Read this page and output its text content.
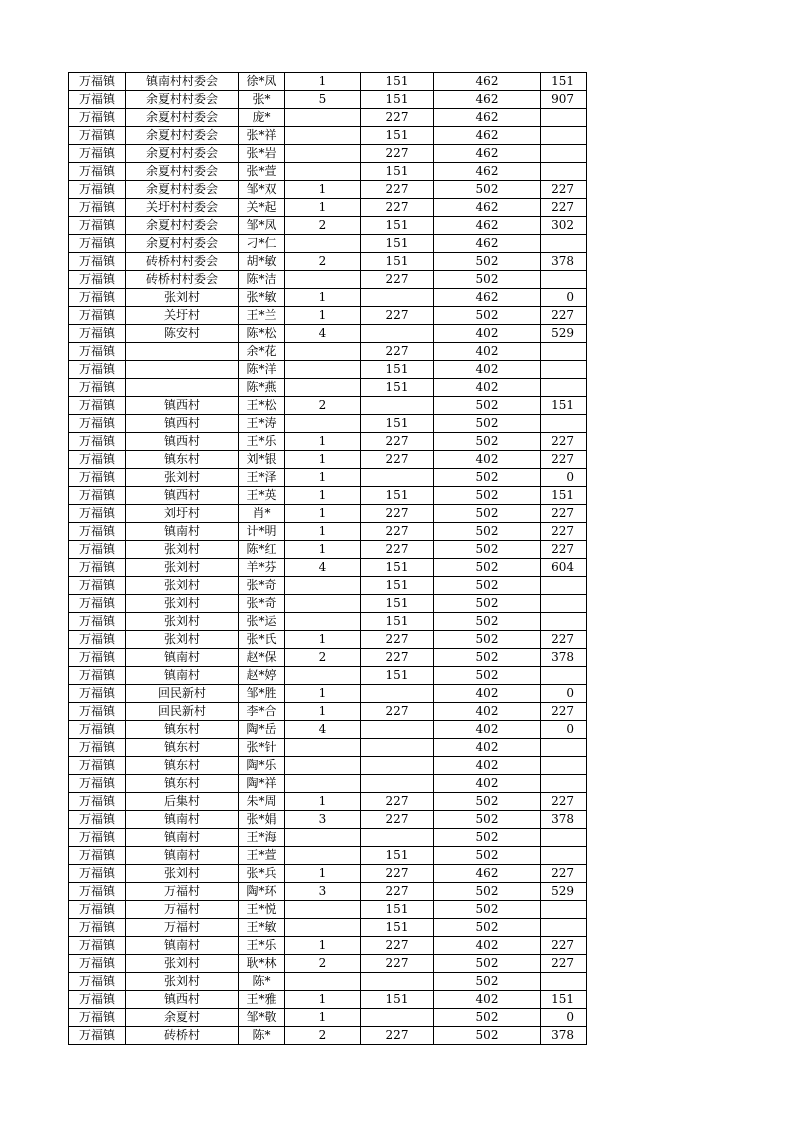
万福镇	镇南村村委会	徐*凤	1	151	462	151
万福镇	余夏村村委会	张*	5	151	462	907
万福镇	余夏村村委会	庞*		227	462	
万福镇	余夏村村委会	张*祥		151	462	
万福镇	余夏村村委会	张*岩		227	462	
万福镇	余夏村村委会	张*萱		151	462	
万福镇	余夏村村委会	邹*双	1	227	502	227
万福镇	关圩村村委会	关*起	1	227	462	227
万福镇	余夏村村委会	邹*凤	2	151	462	302
万福镇	余夏村村委会	刁*仁		151	462	
万福镇	砖桥村村委会	胡*敏	2	151	502	378
万福镇	砖桥村村委会	陈*洁		227	502	
万福镇	张刘村	张*敏	1		462	0
万福镇	关圩村	王*兰	1	227	502	227
万福镇	陈安村	陈*松	4		402	529
万福镇		余*花		227	402	
万福镇		陈*洋		151	402	
万福镇		陈*燕		151	402	
万福镇	镇西村	王*松	2		502	151
万福镇	镇西村	王*涛		151	502	
万福镇	镇西村	王*乐	1	227	502	227
万福镇	镇东村	刘*银	1	227	402	227
万福镇	张刘村	王*泽	1		502	0
万福镇	镇西村	王*英	1	151	502	151
万福镇	刘圩村	肖*	1	227	502	227
万福镇	镇南村	计*明	1	227	502	227
万福镇	张刘村	陈*红	1	227	502	227
万福镇	张刘村	羊*芬	4	151	502	604
万福镇	张刘村	张*奇		151	502	
万福镇	张刘村	张*奇		151	502	
万福镇	张刘村	张*运		151	502	
万福镇	张刘村	张*氏	1	227	502	227
万福镇	镇南村	赵*保	2	227	502	378
万福镇	镇南村	赵*婷		151	502	
万福镇	回民新村	邹*胜	1		402	0
万福镇	回民新村	李*合	1	227	402	227
万福镇	镇东村	陶*岳	4		402	0
万福镇	镇东村	张*针			402	
万福镇	镇东村	陶*乐			402	
万福镇	镇东村	陶*祥			402	
万福镇	后集村	朱*周	1	227	502	227
万福镇	镇南村	张*娟	3	227	502	378
万福镇	镇南村	王*海			502	
万福镇	镇南村	王*萱		151	502	
万福镇	张刘村	张*兵	1	227	462	227
万福镇	万福村	陶*环	3	227	502	529
万福镇	万福村	王*悦		151	502	
万福镇	万福村	王*敏		151	502	
万福镇	镇南村	王*乐	1	227	402	227
万福镇	张刘村	耿*林	2	227	502	227
万福镇	张刘村	陈*			502	
万福镇	镇西村	王*雅	1	151	402	151
万福镇	余夏村	邹*敬	1		502	0
万福镇	砖桥村	陈*	2	227	502	378
